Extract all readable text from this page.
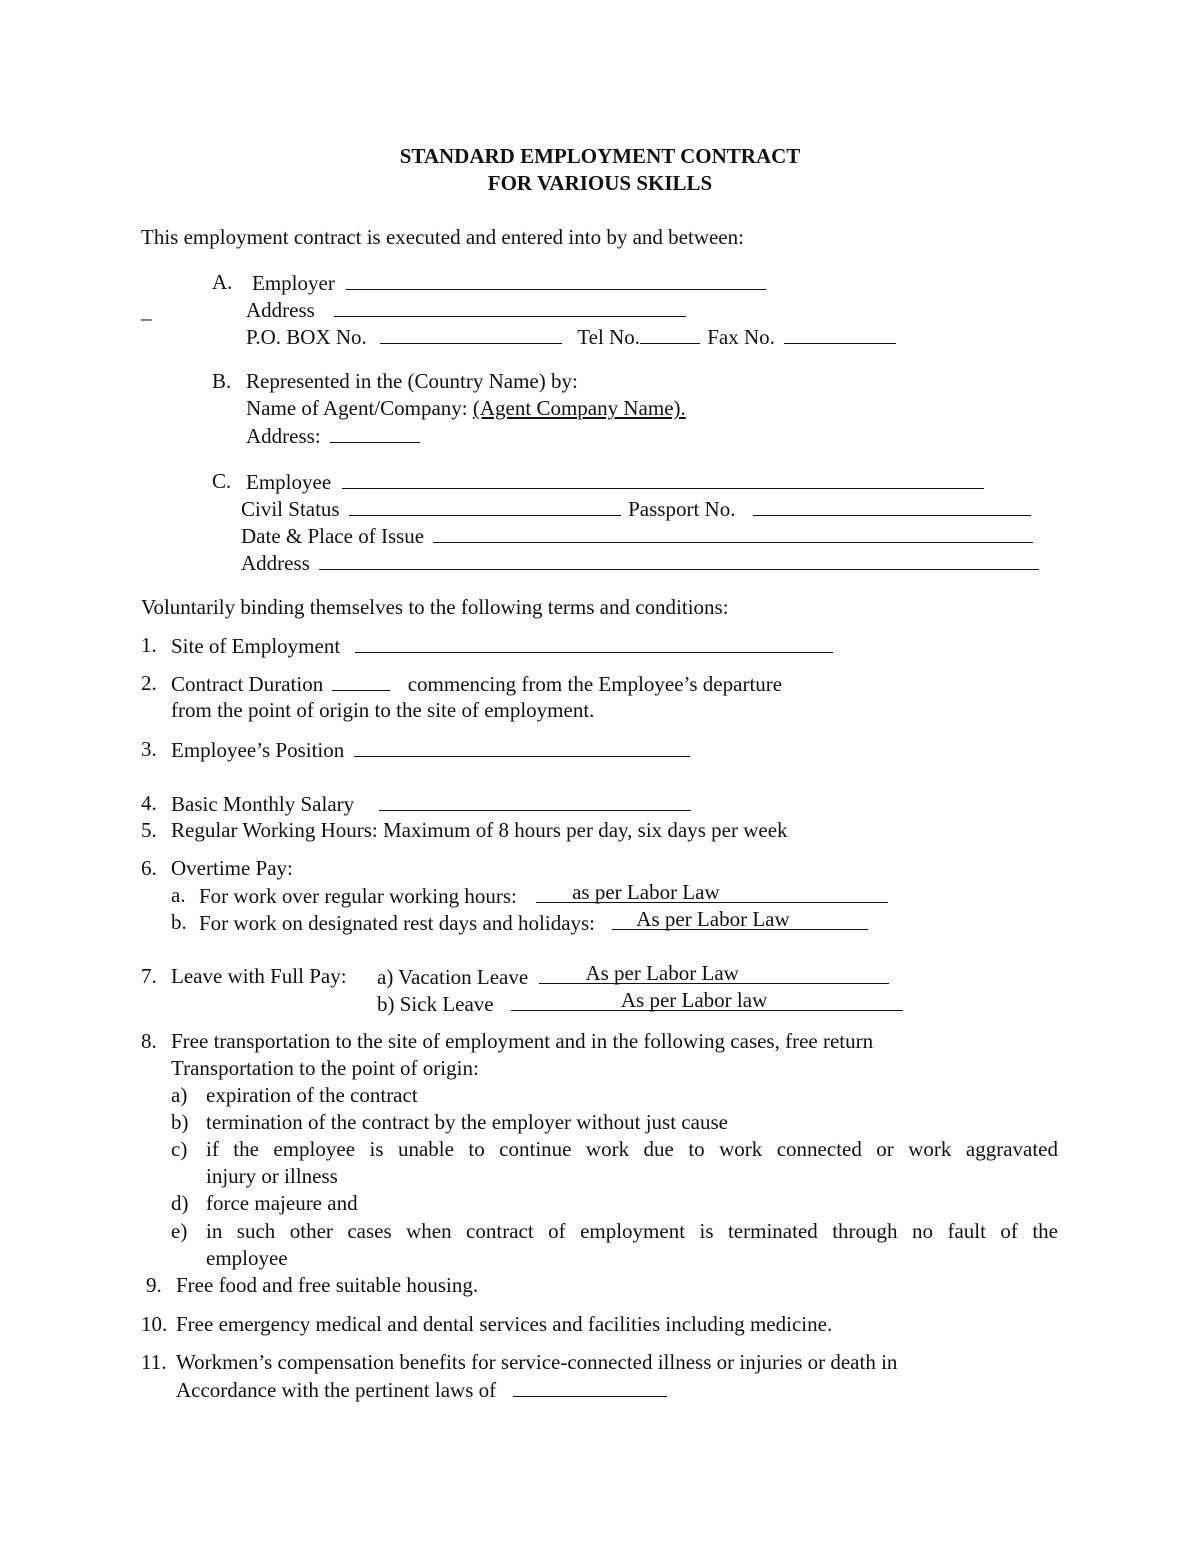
STANDARD EMPLOYMENT CONTRACT
FOR VARIOUS SKILLS
This employment contract is executed and entered into by and between:
A. Employer
_	Address
P.O. BOX No.	Tel No.	Fax No.
B. Represented in the (Country Name) by:
Name of Agent/Company: (Agent Company Name).
Address:
C. Employee
Civil Status	Passport No.
Date & Place of Issue
Address
Voluntarily binding themselves to the following terms and conditions:
1. Site of Employment
2. Contract Duration	commencing from the Employee’s departure
from the point of origin to the site of employment.
3. Employee’s Position
4. Basic Monthly Salary
5. Regular Working Hours: Maximum of 8 hours per day, six days per week
6. Overtime Pay:
a. For work over regular working hours:	as per Labor Law
b. For work on designated rest days and holidays: As per Labor Law
7. Leave with Full Pay: a) Vacation Leave	As per Labor Law
b) Sick Leave	As per Labor law
8. Free transportation to the site of employment and in the following cases, free return
Transportation to the point of origin:
a) expiration of the contract
b) termination of the contract by the employer without just cause
c) if the employee is unable to continue work due to work connected or work aggravated
injury or illness
d) force majeure and
e) in such other cases when contract of employment is terminated through no fault of the
employee
9. Free food and free suitable housing.
10. Free emergency medical and dental services and facilities including medicine.
11. Workmen’s compensation benefits for service-connected illness or injuries or death in
Accordance with the pertinent laws of
